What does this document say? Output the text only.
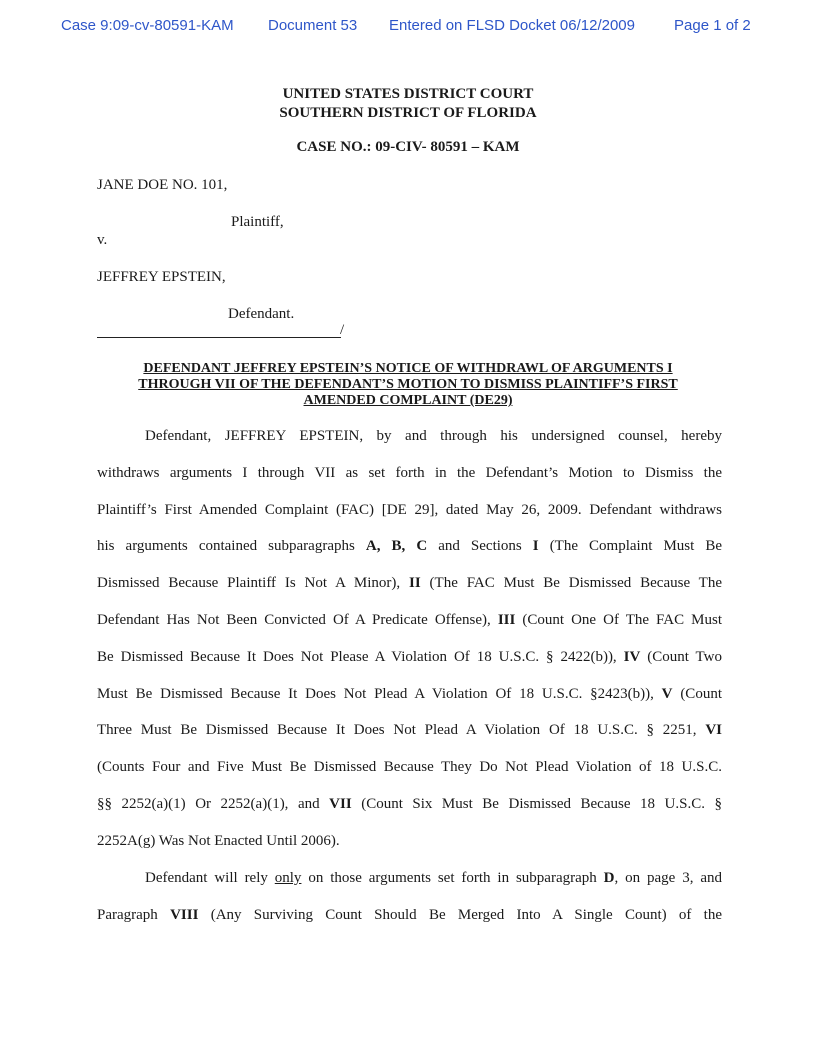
Case 9:09-cv-80591-KAM Document 53 Entered on FLSD Docket 06/12/2009	Page 1 of 2
UNITED STATES DISTRICT COURT
SOUTHERN DISTRICT OF FLORIDA
CASE NO.: 09-CIV- 80591 – KAM
JANE DOE NO. 101,
Plaintiff,
v.
JEFFREY EPSTEIN,
Defendant.
/
DEFENDANT JEFFREY EPSTEIN’S NOTICE OF WITHDRAWL OF ARGUMENTS I
THROUGH VII OF THE DEFENDANT’S MOTION TO DISMISS PLAINTIFF’S FIRST
AMENDED COMPLAINT (DE29)
Defendant, JEFFREY EPSTEIN, by and through his undersigned counsel, hereby
withdraws arguments I through VII as set forth in the Defendant’s Motion to Dismiss the
Plaintiff’s First Amended Complaint (FAC) [DE 29], dated May 26, 2009. Defendant withdraws
his arguments contained subparagraphs A, B, C and Sections I (The Complaint Must Be
Dismissed Because Plaintiff Is Not A Minor), II (The FAC Must Be Dismissed Because The
Defendant Has Not Been Convicted Of A Predicate Offense), III (Count One Of The FAC Must
Be Dismissed Because It Does Not Please A Violation Of 18 U.S.C. § 2422(b)), IV (Count Two
Must Be Dismissed Because It Does Not Plead A Violation Of 18 U.S.C. §2423(b)), V (Count
Three Must Be Dismissed Because It Does Not Plead A Violation Of 18 U.S.C. § 2251, VI
(Counts Four and Five Must Be Dismissed Because They Do Not Plead Violation of 18 U.S.C.
§§ 2252(a)(1) Or 2252(a)(1), and VII (Count Six Must Be Dismissed Because 18 U.S.C. §
2252A(g) Was Not Enacted Until 2006).
Defendant will rely only on those arguments set forth in subparagraph D, on page 3, and
Paragraph VIII (Any Surviving Count Should Be Merged Into A Single Count) of the
